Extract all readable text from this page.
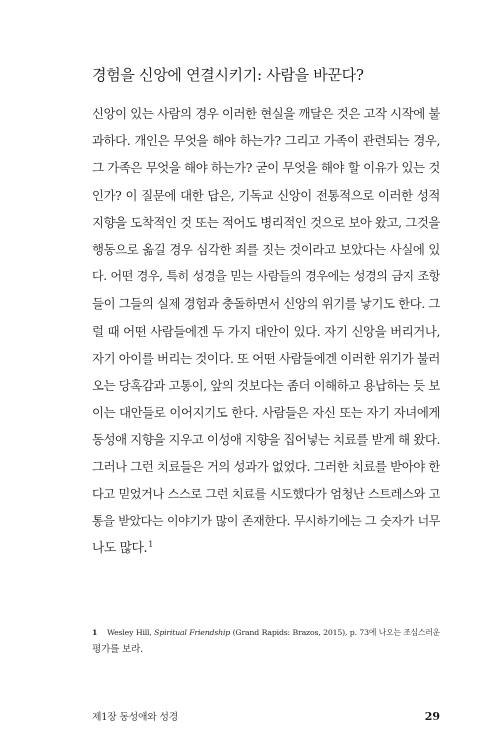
경험을 신앙에 연결시키기: 사람을 바꾼다?
신앙이 있는 사람의 경우 이러한 현실을 깨달은 것은 고작 시작에 불
과하다. 개인은 무엇을 해야 하는가? 그리고 가족이 관련되는 경우,
그 가족은 무엇을 해야 하는가? 굳이 무엇을 해야 할 이유가 있는 것
인가? 이 질문에 대한 답은, 기독교 신앙이 전통적으로 이러한 성적
지향을 도착적인 것 또는 적어도 병리적인 것으로 보아 왔고, 그것을
행동으로 옮길 경우 심각한 죄를 짓는 것이라고 보았다는 사실에 있
다. 어떤 경우, 특히 성경을 믿는 사람들의 경우에는 성경의 금지 조항
들이 그들의 실제 경험과 충돌하면서 신앙의 위기를 낳기도 한다. 그
럴 때 어떤 사람들에겐 두 가지 대안이 있다. 자기 신앙을 버리거나,
자기 아이를 버리는 것이다. 또 어떤 사람들에겐 이러한 위기가 불러
오는 당혹감과 고통이, 앞의 것보다는 좀더 이해하고 용납하는 듯 보
이는 대안들로 이어지기도 한다. 사람들은 자신 또는 자기 자녀에게
동성애 지향을 지우고 이성애 지향을 집어넣는 치료를 받게 해 왔다.
그러나 그런 치료들은 거의 성과가 없었다. 그러한 치료를 받아야 한
다고 믿었거나 스스로 그런 치료를 시도했다가 엄청난 스트레스와 고
통을 받았다는 이야기가 많이 존재한다. 무시하기에는 그 숫자가 너무
나도 많다.$^1$
1 Wesley Hill, Spiritual Friendship (Grand Rapids: Brazos, 2015), p. 73에 나오는 조심스러운
평가를 보라.
제1장 동성애와 성경	29
